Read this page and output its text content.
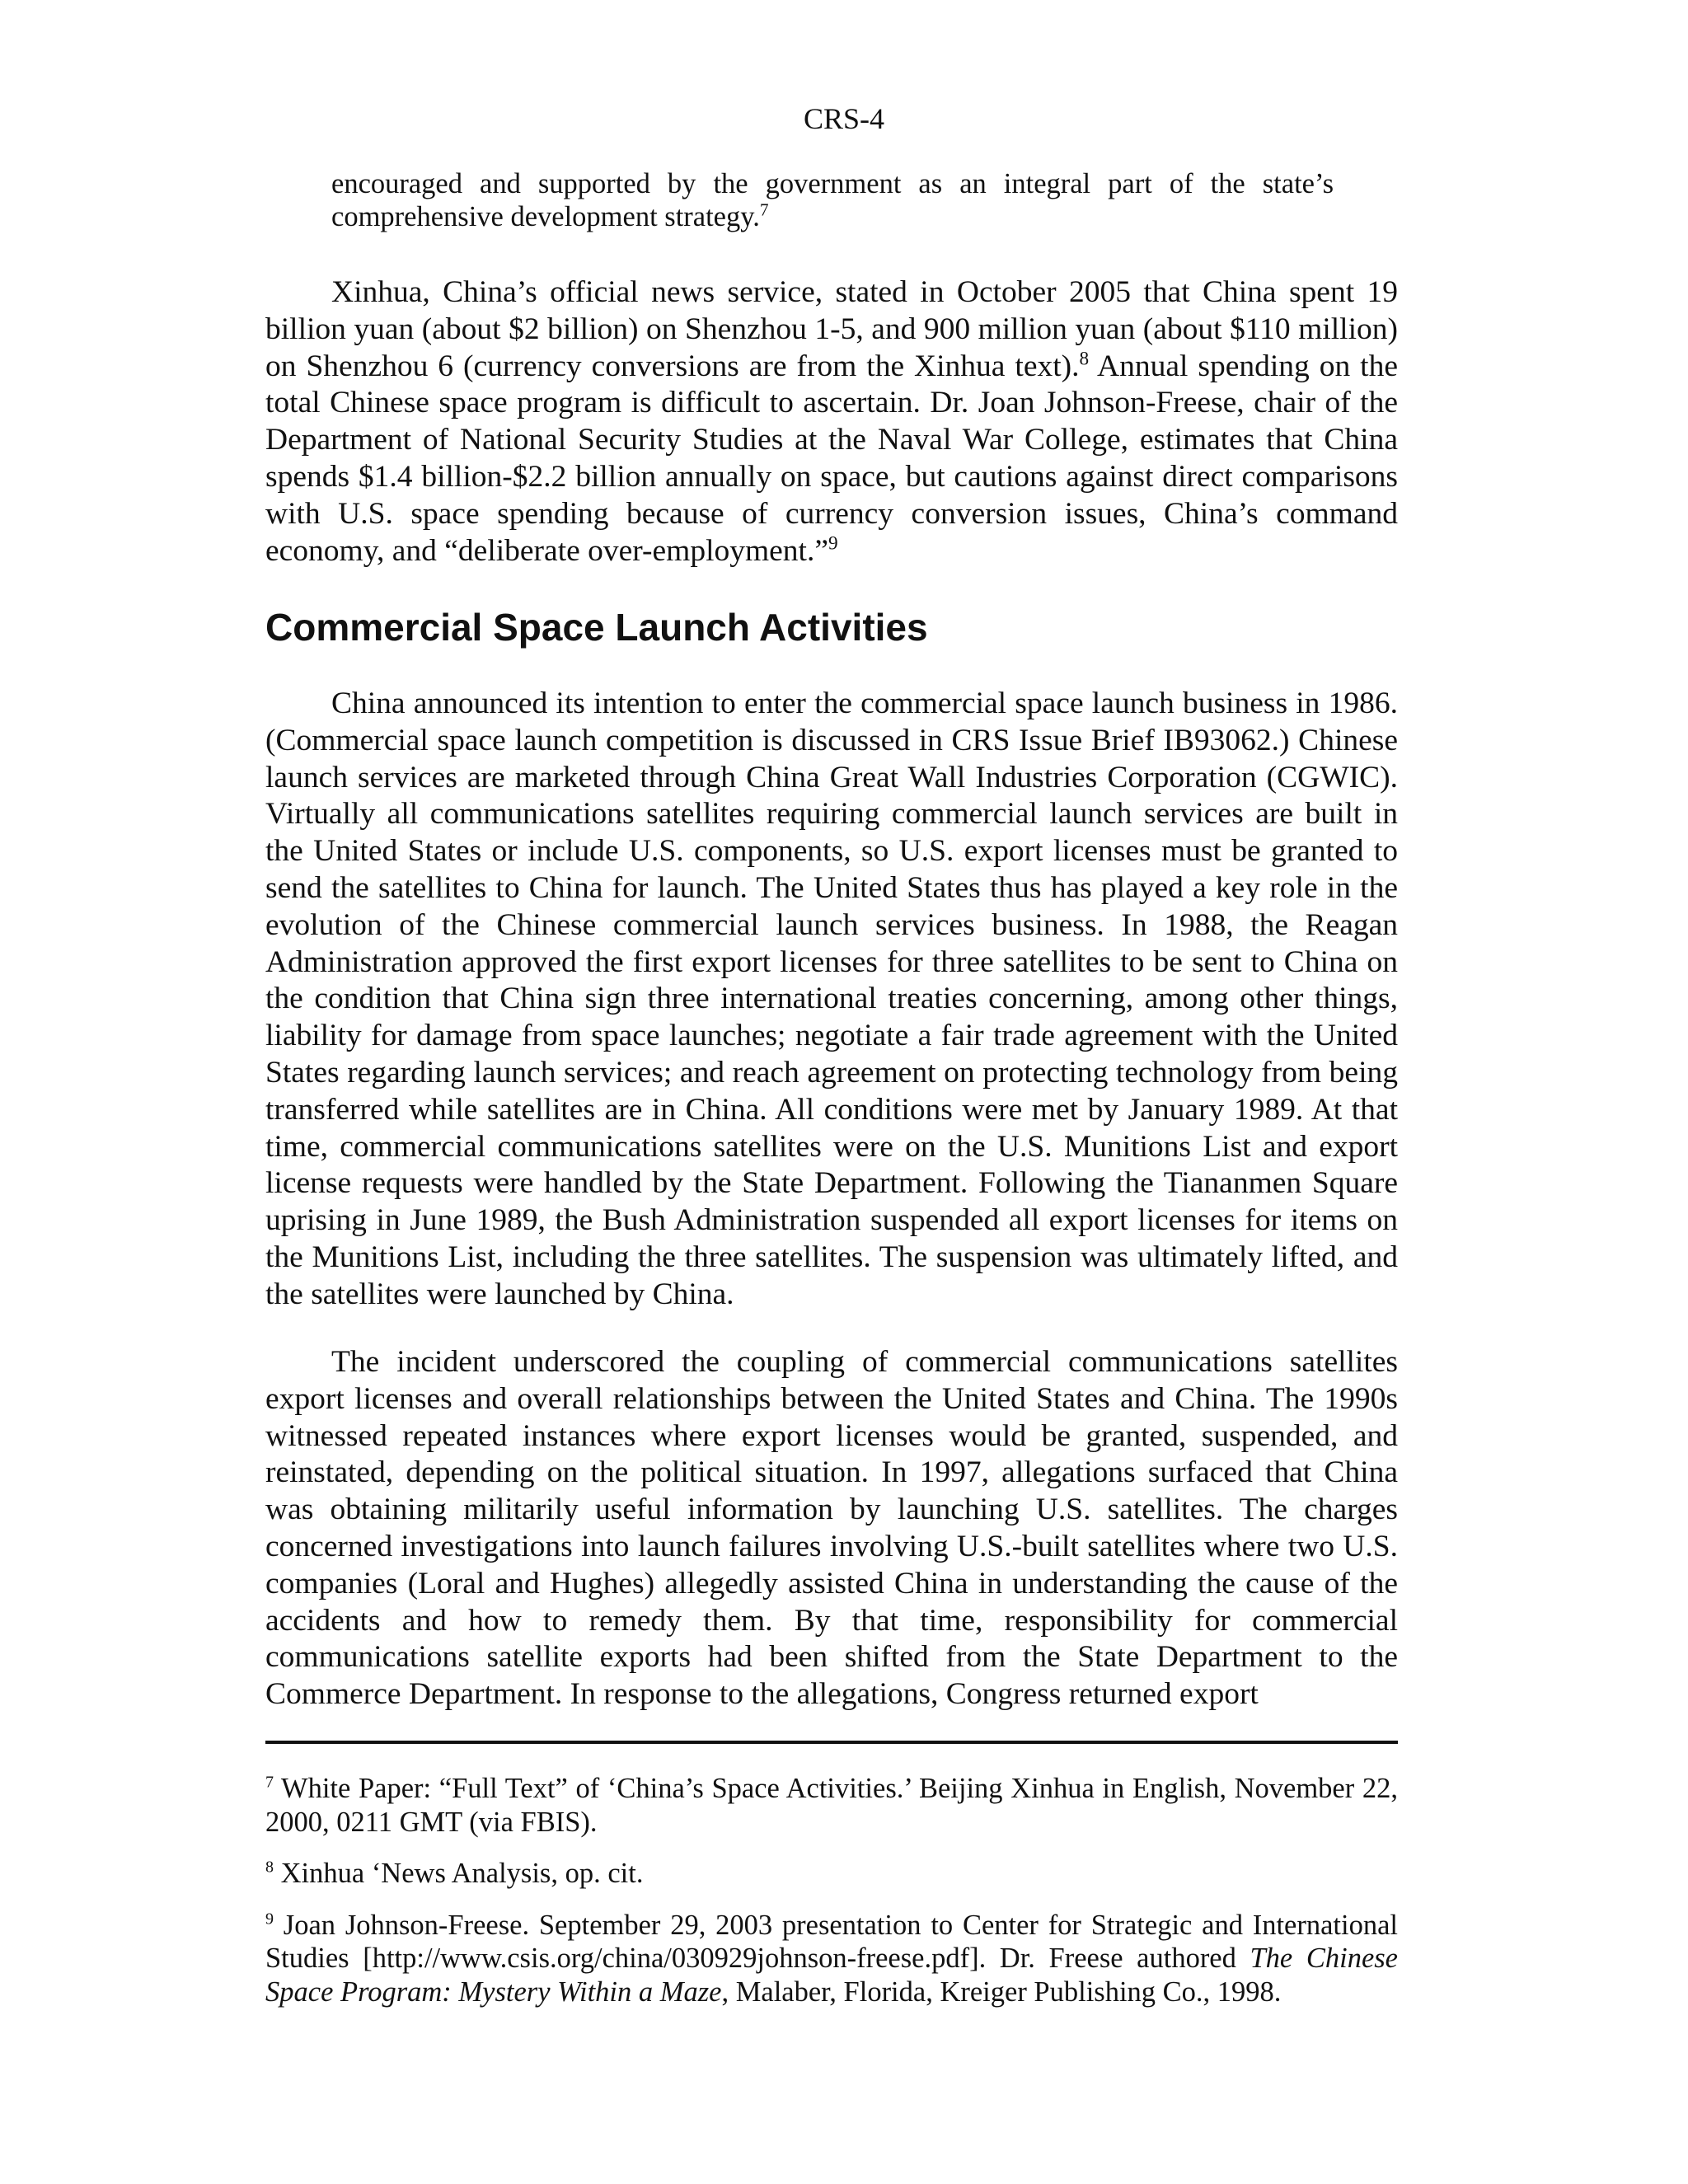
CRS-4

encouraged and supported by the government as an integral part of the state’s comprehensive development strategy.$^7$

Xinhua, China’s official news service, stated in October 2005 that China spent 19 billion yuan (about $2 billion) on Shenzhou 1-5, and 900 million yuan (about $110 million) on Shenzhou 6 (currency conversions are from the Xinhua text).$^8$ Annual spending on the total Chinese space program is difficult to ascertain. Dr. Joan Johnson-Freese, chair of the Department of National Security Studies at the Naval War College, estimates that China spends $1.4 billion-$2.2 billion annually on space, but cautions against direct comparisons with U.S. space spending because of currency conversion issues, China’s command economy, and “deliberate over-employment.”$^9$

Commercial Space Launch Activities

China announced its intention to enter the commercial space launch business in 1986. (Commercial space launch competition is discussed in CRS Issue Brief IB93062.) Chinese launch services are marketed through China Great Wall Industries Corporation (CGWIC). Virtually all communications satellites requiring commercial launch services are built in the United States or include U.S. components, so U.S. export licenses must be granted to send the satellites to China for launch. The United States thus has played a key role in the evolution of the Chinese commercial launch services business. In 1988, the Reagan Administration approved the first export licenses for three satellites to be sent to China on the condition that China sign three international treaties concerning, among other things, liability for damage from space launches; negotiate a fair trade agreement with the United States regarding launch services; and reach agreement on protecting technology from being transferred while satellites are in China. All conditions were met by January 1989. At that time, commercial communications satellites were on the U.S. Munitions List and export license requests were handled by the State Department. Following the Tiananmen Square uprising in June 1989, the Bush Administration suspended all export licenses for items on the Munitions List, including the three satellites. The suspension was ultimately lifted, and the satellites were launched by China.

The incident underscored the coupling of commercial communications satellites export licenses and overall relationships between the United States and China. The 1990s witnessed repeated instances where export licenses would be granted, suspended, and reinstated, depending on the political situation. In 1997, allegations surfaced that China was obtaining militarily useful information by launching U.S. satellites. The charges concerned investigations into launch failures involving U.S.-built satellites where two U.S. companies (Loral and Hughes) allegedly assisted China in understanding the cause of the accidents and how to remedy them. By that time, responsibility for commercial communications satellite exports had been shifted from the State Department to the Commerce Department. In response to the allegations, Congress returned export

$^7$ White Paper: “Full Text” of ‘China’s Space Activities.’ Beijing Xinhua in English, November 22, 2000, 0211 GMT (via FBIS).

$^8$ Xinhua ‘News Analysis, op. cit.

$^9$ Joan Johnson-Freese. September 29, 2003 presentation to Center for Strategic and International Studies [http://www.csis.org/china/030929johnson-freese.pdf]. Dr. Freese authored The Chinese Space Program: Mystery Within a Maze, Malaber, Florida, Kreiger Publishing Co., 1998.
